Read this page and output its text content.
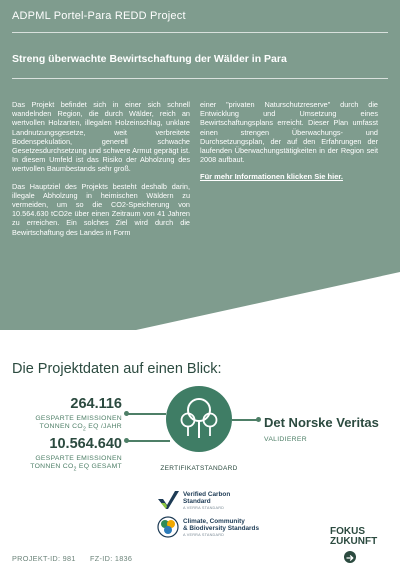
ADPML Portel-Para REDD Project
Streng überwachte Bewirtschaftung der Wälder in Para

Das Projekt befindet sich in einer sich schnell wandelnden Region, die durch Wälder, reich an wertvollen Holzarten, illegalen Holzeinschlag, unklare Landnutzungsgesetze, weit verbreitete Bodenspekulation, generell schwache Gesetzesdurchsetzung und schwere Armut geprägt ist. In diesem Umfeld ist das Risiko der Abholzung des wertvollen Baumbestands sehr groß.

Das Hauptziel des Projekts besteht deshalb darin, illegale Abholzung in heimischen Wäldern zu vermeiden, um so die CO2-Speicherung von 10.564.630 tCO2e über einen Zeitraum von 41 Jahren zu erreichen. Ein solches Ziel wird durch die Bewirtschaftung des Landes in Form

einer "privaten Naturschutzreserve" durch die Entwicklung und Umsetzung eines Bewirtschaftungsplans erreicht. Dieser Plan umfasst einen strengen Überwachungs- und Durchsetzungsplan, der auf den Erfahrungen der laufenden Überwachungstätigkeiten in der Region seit 2008 aufbaut.

Für mehr Informationen klicken Sie hier.
Die Projektdaten auf einen Blick:
264.116
GESPARTE EMISSIONEN
TONNEN $CO_2$ EQ /JAHR
10.564.640
GESPARTE EMISSIONEN
TONNEN $CO_2$ EQ GESAMT
Det Norske Veritas
VALIDIERER
ZERTIFIKATSTANDARD
Verified Carbon
Standard
A VERRA STANDARD
Climate, Community
& Biodiversity Standards
A VERRA STANDARD
PROJEKT-ID: 981 FZ-ID: 1836
FOKUS
ZUKUNFT
